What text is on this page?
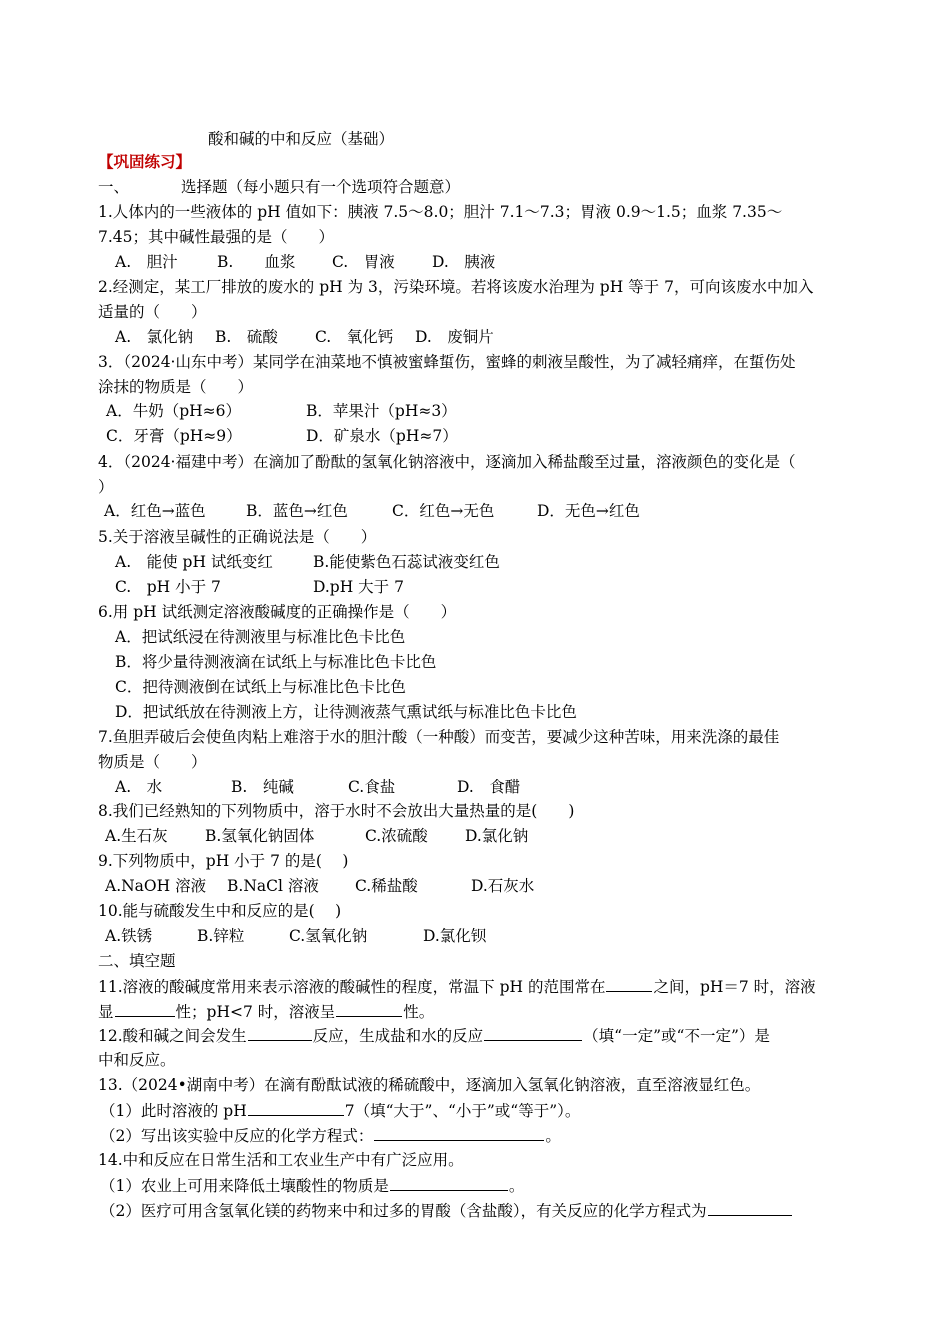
酸和碱的中和反应（基础）
【巩固练习】
一、	选择题（每小题只有一个选项符合题意）
1.人体内的一些液体的 pH 值如下：胰液 7.5～8.0；胆汁 7.1～7.3；胃液 0.9～1.5；血浆 7.35～
7.45；其中碱性最强的是（　　）
A.　胆汁	B.　　血浆 C.　胃液 D.　胰液
2.经测定，某工厂排放的废水的 pH 为 3，污染环境。若将该废水治理为 pH 等于 7，可向该废水中加入
适量的（　　）
A.　氯化钠 B.　硫酸 C.　氧化钙 D.　废铜片
3．（2024·山东中考）某同学在油菜地不慎被蜜蜂蜇伤，蜜蜂的刺液呈酸性，为了减轻痛痒，在蜇伤处
涂抹的物质是（　　）
A．牛奶（pH≈6）	B．苹果汁（pH≈3）
C．牙膏（pH≈9）	D．矿泉水（pH≈7）
4．（2024·福建中考）在滴加了酚酞的氢氧化钠溶液中，逐滴加入稀盐酸至过量，溶液颜色的变化是（
）
A．红色→蓝色	B．蓝色→红色	C．红色→无色	D．无色→红色
5.关于溶液呈碱性的正确说法是（　　）
A.　能使 pH 试纸变红	B.能使紫色石蕊试液变红色
C.　pH 小于 7	D.pH 大于 7
6.用 pH 试纸测定溶液酸碱度的正确操作是（　　）
A．把试纸浸在待测液里与标准比色卡比色
B．将少量待测液滴在试纸上与标准比色卡比色
C．把待测液倒在试纸上与标准比色卡比色
D．把试纸放在待测液上方，让待测液蒸气熏试纸与标准比色卡比色
7.鱼胆弄破后会使鱼肉粘上难溶于水的胆汁酸（一种酸）而变苦，要减少这种苦味，用来洗涤的最佳
物质是（　　）
A.　水	B.　纯碱	C.食盐	D.　食醋
8.我们已经熟知的下列物质中，溶于水时不会放出大量热量的是(　　)
A.生石灰 B.氢氧化钠固体	C.浓硫酸 D.氯化钠
9.下列物质中，pH 小于 7 的是(　 )
A.NaOH 溶液 B.NaCl 溶液 C.稀盐酸	D.石灰水
10.能与硫酸发生中和反应的是(　 )
A.铁锈	B.锌粒	C.氢氧化钠	D.氯化钡
二、填空题
11.溶液的酸碱度常用来表示溶液的酸碱性的程度，常温下 pH 的范围常在	之间，pH＝7 时，溶液
显	性；pH<7 时，溶液呈	性。
12.酸和碱之间会发生	反应，生成盐和水的反应	（填“一定”或“不一定”）是
中和反应。
13.（2024•湖南中考）在滴有酚酞试液的稀硫酸中，逐滴加入氢氧化钠溶液，直至溶液显红色。
（1）此时溶液的 pH	7（填“大于”、“小于”或“等于”）。
（2）写出该实验中反应的化学方程式：	。
14.中和反应在日常生活和工农业生产中有广泛应用。
（1）农业上可用来降低土壤酸性的物质是	。
（2）医疗可用含氢氧化镁的药物来中和过多的胃酸（含盐酸），有关反应的化学方程式为
